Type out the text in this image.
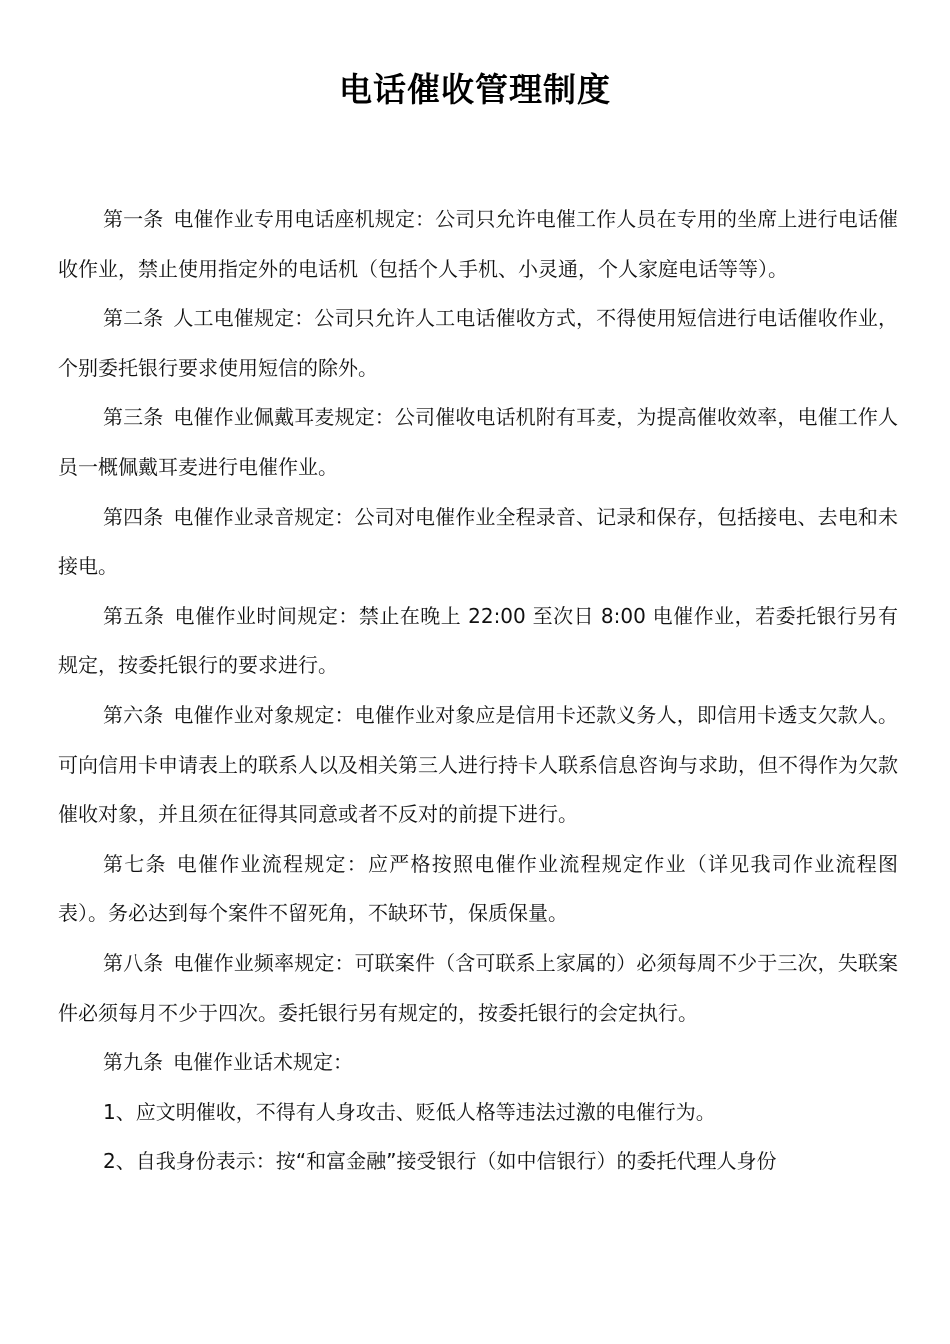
电话催收管理制度

第一条 电催作业专用电话座机规定：公司只允许电催工作人员在专用的坐席上进行电话催收作业，禁止使用指定外的电话机（包括个人手机、小灵通，个人家庭电话等等）。

第二条 人工电催规定：公司只允许人工电话催收方式，不得使用短信进行电话催收作业，个别委托银行要求使用短信的除外。

第三条 电催作业佩戴耳麦规定：公司催收电话机附有耳麦，为提高催收效率，电催工作人员一概佩戴耳麦进行电催作业。

第四条 电催作业录音规定：公司对电催作业全程录音、记录和保存，包括接电、去电和未接电。

第五条 电催作业时间规定：禁止在晚上 22:00 至次日 8:00 电催作业，若委托银行另有规定，按委托银行的要求进行。

第六条 电催作业对象规定：电催作业对象应是信用卡还款义务人，即信用卡透支欠款人。可向信用卡申请表上的联系人以及相关第三人进行持卡人联系信息咨询与求助，但不得作为欠款催收对象，并且须在征得其同意或者不反对的前提下进行。

第七条 电催作业流程规定：应严格按照电催作业流程规定作业（详见我司作业流程图表）。务必达到每个案件不留死角，不缺环节，保质保量。

第八条 电催作业频率规定：可联案件（含可联系上家属的）必须每周不少于三次，失联案件必须每月不少于四次。委托银行另有规定的，按委托银行的会定执行。

第九条 电催作业话术规定：

1、应文明催收，不得有人身攻击、贬低人格等违法过激的电催行为。

2、自我身份表示：按“和富金融”接受银行（如中信银行）的委托代理人身份
